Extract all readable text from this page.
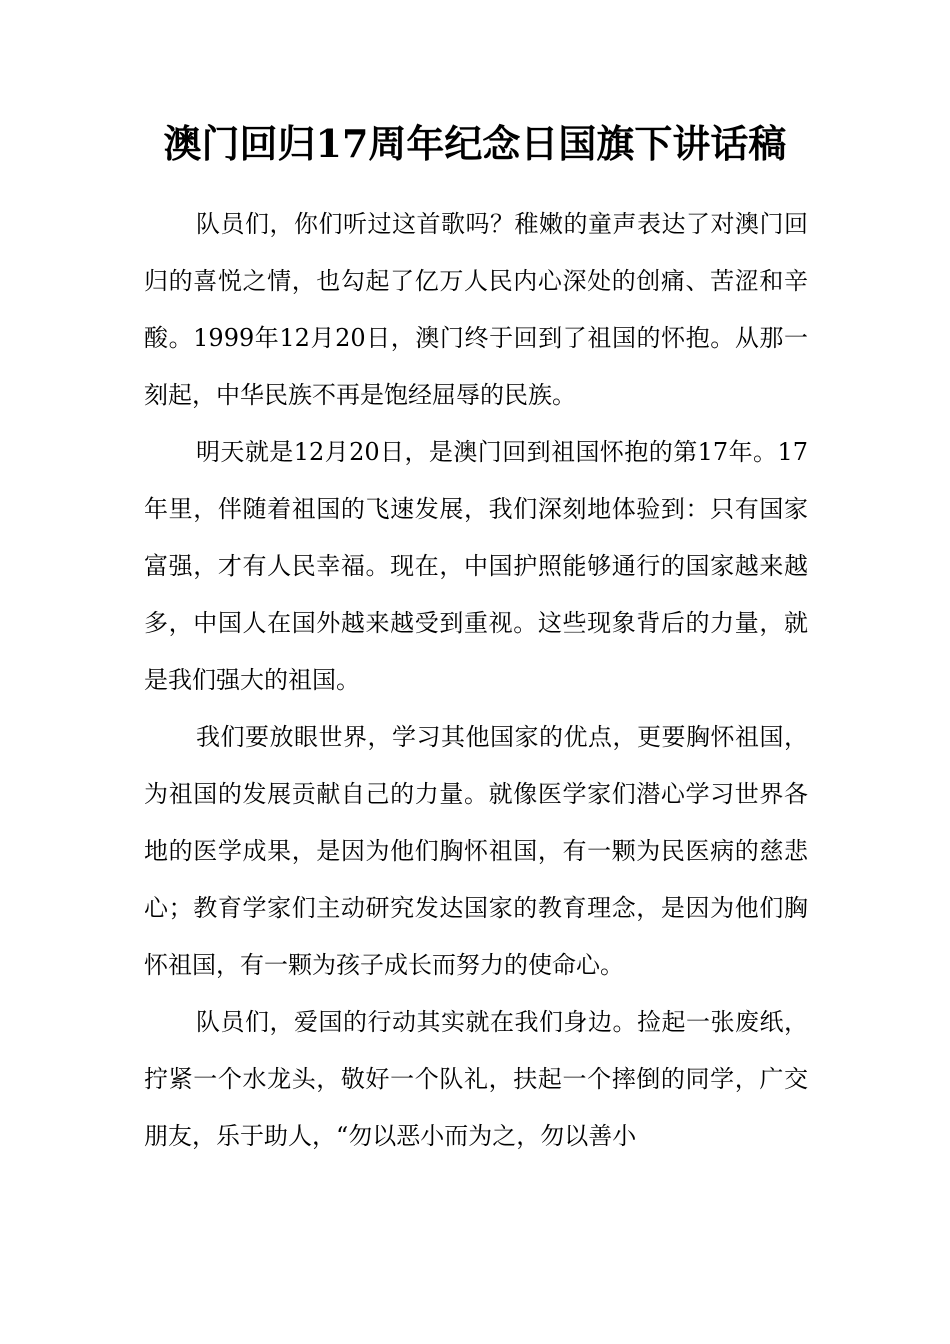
澳门回归17周年纪念日国旗下讲话稿

队员们，你们听过这首歌吗？稚嫩的童声表达了对澳门回归的喜悦之情，也勾起了亿万人民内心深处的创痛、苦涩和辛酸。1999年12月20日，澳门终于回到了祖国的怀抱。从那一刻起，中华民族不再是饱经屈辱的民族。

明天就是12月20日，是澳门回到祖国怀抱的第17年。17年里，伴随着祖国的飞速发展，我们深刻地体验到：只有国家富强，才有人民幸福。现在，中国护照能够通行的国家越来越多，中国人在国外越来越受到重视。这些现象背后的力量，就是我们强大的祖国。

我们要放眼世界，学习其他国家的优点，更要胸怀祖国，为祖国的发展贡献自己的力量。就像医学家们潜心学习世界各地的医学成果，是因为他们胸怀祖国，有一颗为民医病的慈悲心；教育学家们主动研究发达国家的教育理念，是因为他们胸怀祖国，有一颗为孩子成长而努力的使命心。

队员们，爱国的行动其实就在我们身边。捡起一张废纸，拧紧一个水龙头，敬好一个队礼，扶起一个摔倒的同学，广交朋友，乐于助人，“勿以恶小而为之，勿以善小
